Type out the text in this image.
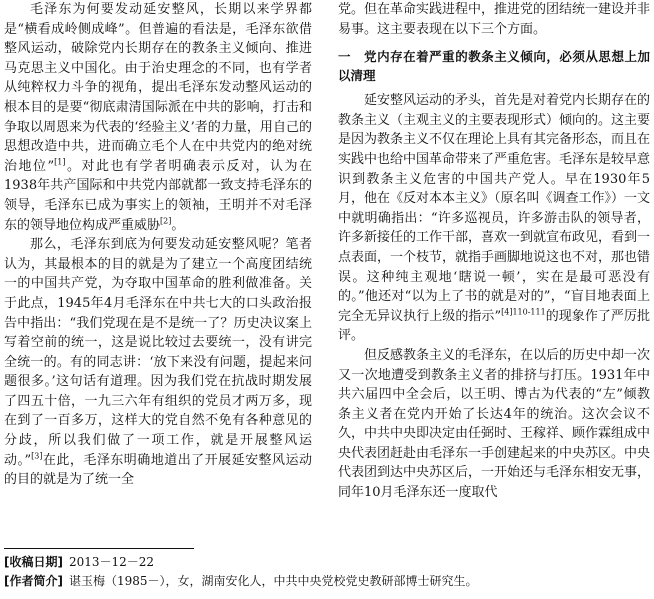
毛泽东为何要发动延安整风，长期以来学界都是“横看成岭侧成峰”。但普遍的看法是，毛泽东欲借整风运动，破除党内长期存在的教条主义倾向、推进马克思主义中国化。由于治史理念的不同，也有学者从纯粹权力斗争的视角，提出毛泽东发动整风运动的根本目的是要“彻底肃清国际派在中共的影响，打击和争取以周恩来为代表的‘经验主义’者的力量，用自己的思想改造中共，进而确立毛个人在中共党内的绝对统治地位”[1]。对此也有学者明确表示反对，认为在1938年共产国际和中共党内部就都一致支持毛泽东的领导，毛泽东已成为事实上的领袖，王明并不对毛泽东的领导地位构成严重威胁[2]。

那么，毛泽东到底为何要发动延安整风呢？笔者认为，其最根本的目的就是为了建立一个高度团结统一的中国共产党，为夺取中国革命的胜利做准备。关于此点，1945年4月毛泽东在中共七大的口头政治报告中指出：“我们党现在是不是统一了？历史决议案上写着空前的统一，这是说比较过去要统一，没有讲完全统一的。有的同志讲：‘放下来没有问题，提起来问题很多。’这句话有道理。因为我们党在抗战时期发展了四五十倍，一九三六年有组织的党员才两万多，现在到了一百多万，这样大的党自然不免有各种意见的分歧，所以我们做了一项工作，就是开展整风运动。”[3]在此，毛泽东明确地道出了开展延安整风运动的目的就是为了统一全

党。但在革命实践进程中，推进党的团结统一建设并非易事。这主要表现在以下三个方面。

一　党内存在着严重的教条主义倾向，必须从思想上加以清理

延安整风运动的矛头，首先是对着党内长期存在的教条主义（主观主义的主要表现形式）倾向的。这主要是因为教条主义不仅在理论上具有其完备形态，而且在实践中也给中国革命带来了严重危害。毛泽东是较早意识到教条主义危害的中国共产党人。早在1930年5月，他在《反对本本主义》（原名叫《调查工作》）一文中就明确指出：“许多巡视员，许多游击队的领导者，许多新接任的工作干部，喜欢一到就宣布政见，看到一点表面，一个枝节，就指手画脚地说这也不对，那也错误。这种纯主观地‘瞎说一顿’，实在是最可恶没有的。”他还对“以为上了书的就是对的”，“盲目地表面上完全无异议执行上级的指示”$^{[4]110-111}$的现象作了严厉批评。

但反感教条主义的毛泽东，在以后的历史中却一次又一次地遭受到教条主义者的排挤与打压。1931年中共六届四中全会后，以王明、博古为代表的“左”倾教条主义者在党内开始了长达4年的统治。这次会议不久，中共中央即决定由任弼时、王稼祥、顾作霖组成中央代表团赶赴由毛泽东一手创建起来的中央苏区。中央代表团到达中央苏区后，一开始还与毛泽东相安无事，同年10月毛泽东还一度取代

[收稿日期] 2013－12－22
[作者简介] 谌玉梅（1985－），女，湖南安化人，中共中央党校党史教研部博士研究生。
